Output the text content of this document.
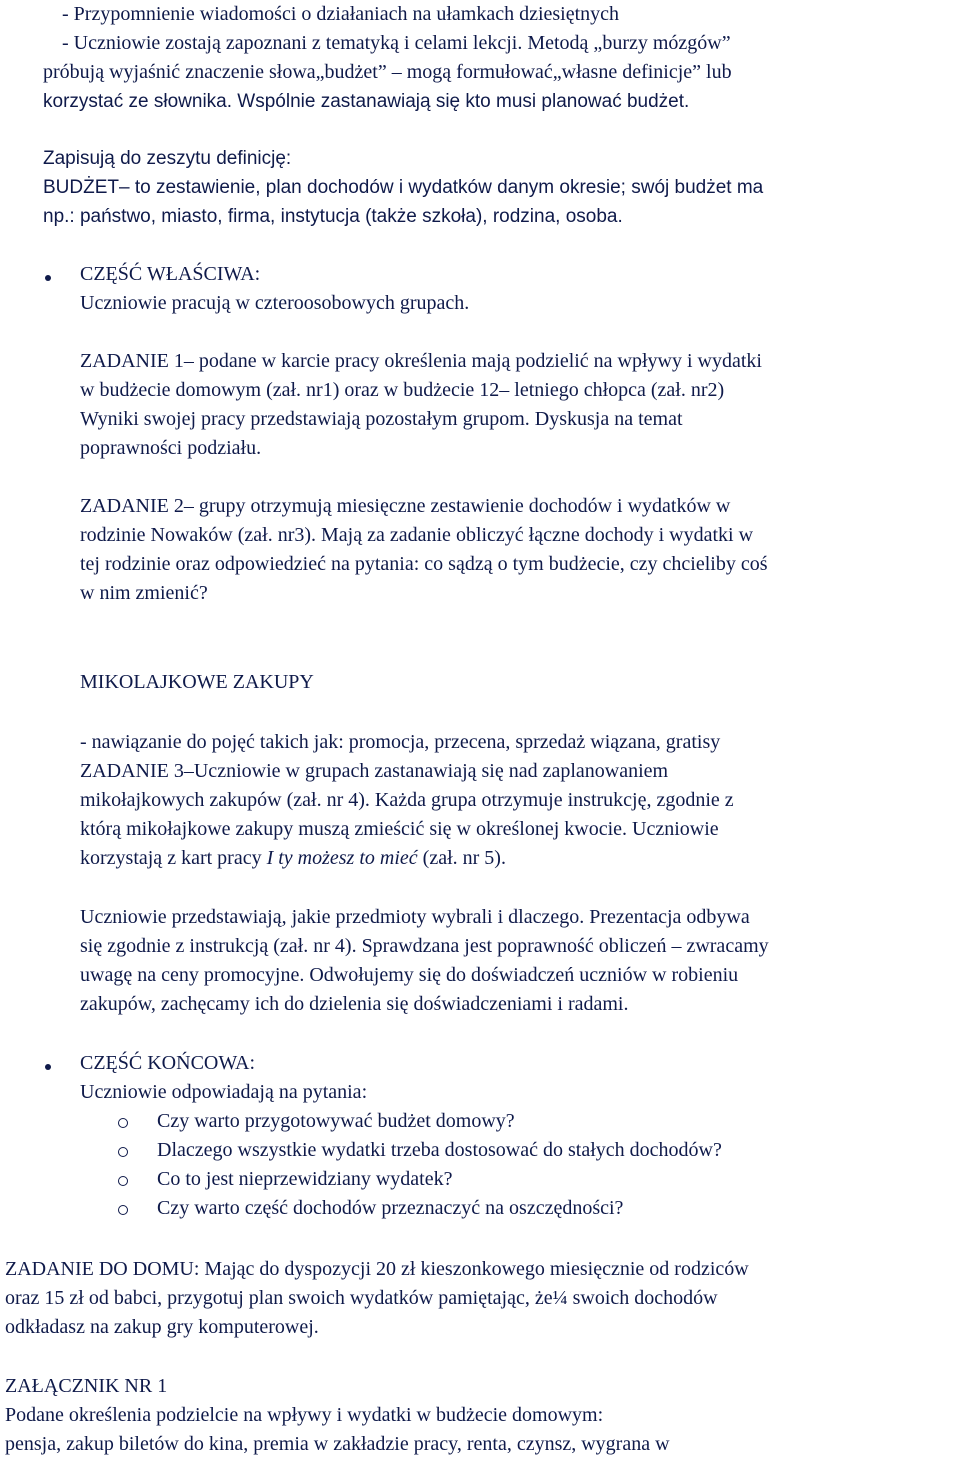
- Przypomnienie wiadomości o działaniach na ułamkach dziesiętnych
- Uczniowie zostają zapoznani z tematyką i celami lekcji. Metodą „burzy mózgów”
próbują wyjaśnić znaczenie słowa„budżet” – mogą formułować„własne definicje” lub
korzystać ze słownika. Wspólnie zastanawiają się kto musi planować budżet.
Zapisują do zeszytu definicję:
BUDŻET– to zestawienie, plan dochodów i wydatków danym okresie; swój budżet ma
np.: państwo, miasto, firma, instytucja (także szkoła), rodzina, osoba.
CZĘŚĆ WŁAŚCIWA:
Uczniowie pracują w czteroosobowych grupach.
ZADANIE 1– podane w karcie pracy określenia mają podzielić na wpływy i wydatki
w budżecie domowym (zał. nr1) oraz w budżecie 12– letniego chłopca (zał. nr2)
Wyniki swojej pracy przedstawiają pozostałym grupom. Dyskusja na temat
poprawności podziału.
ZADANIE 2– grupy otrzymują miesięczne zestawienie dochodów i wydatków w
rodzinie Nowaków (zał. nr3). Mają za zadanie obliczyć łączne dochody i wydatki w
tej rodzinie oraz odpowiedzieć na pytania: co sądzą o tym budżecie, czy chcieliby coś
w nim zmienić?
MIKOLAJKOWE ZAKUPY
- nawiązanie do pojęć takich jak: promocja, przecena, sprzedaż wiązana, gratisy
ZADANIE 3–Uczniowie w grupach zastanawiają się nad zaplanowaniem
mikołajkowych zakupów (zał. nr 4). Każda grupa otrzymuje instrukcję, zgodnie z
którą mikołajkowe zakupy muszą zmieścić się w określonej kwocie. Uczniowie
korzystają z kart pracy I ty możesz to mieć (zał. nr 5).
Uczniowie przedstawiają, jakie przedmioty wybrali i dlaczego. Prezentacja odbywa
się zgodnie z instrukcją (zał. nr 4). Sprawdzana jest poprawność obliczeń – zwracamy
uwagę na ceny promocyjne. Odwołujemy się do doświadczeń uczniów w robieniu
zakupów, zachęcamy ich do dzielenia się doświadczeniami i radami.
CZĘŚĆ KOŃCOWA:
Uczniowie odpowiadają na pytania:
Czy warto przygotowywać budżet domowy?
Dlaczego wszystkie wydatki trzeba dostosować do stałych dochodów?
Co to jest nieprzewidziany wydatek?
Czy warto część dochodów przeznaczyć na oszczędności?
ZADANIE DO DOMU: Mając do dyspozycji 20 zł kieszonkowego miesięcznie od rodziców
oraz 15 zł od babci, przygotuj plan swoich wydatków pamiętając, że¼ swoich dochodów
odkładasz na zakup gry komputerowej.
ZAŁĄCZNIK NR 1
Podane określenia podzielcie na wpływy i wydatki w budżecie domowym:
pensja, zakup biletów do kina, premia w zakładzie pracy, renta, czynsz, wygrana w
